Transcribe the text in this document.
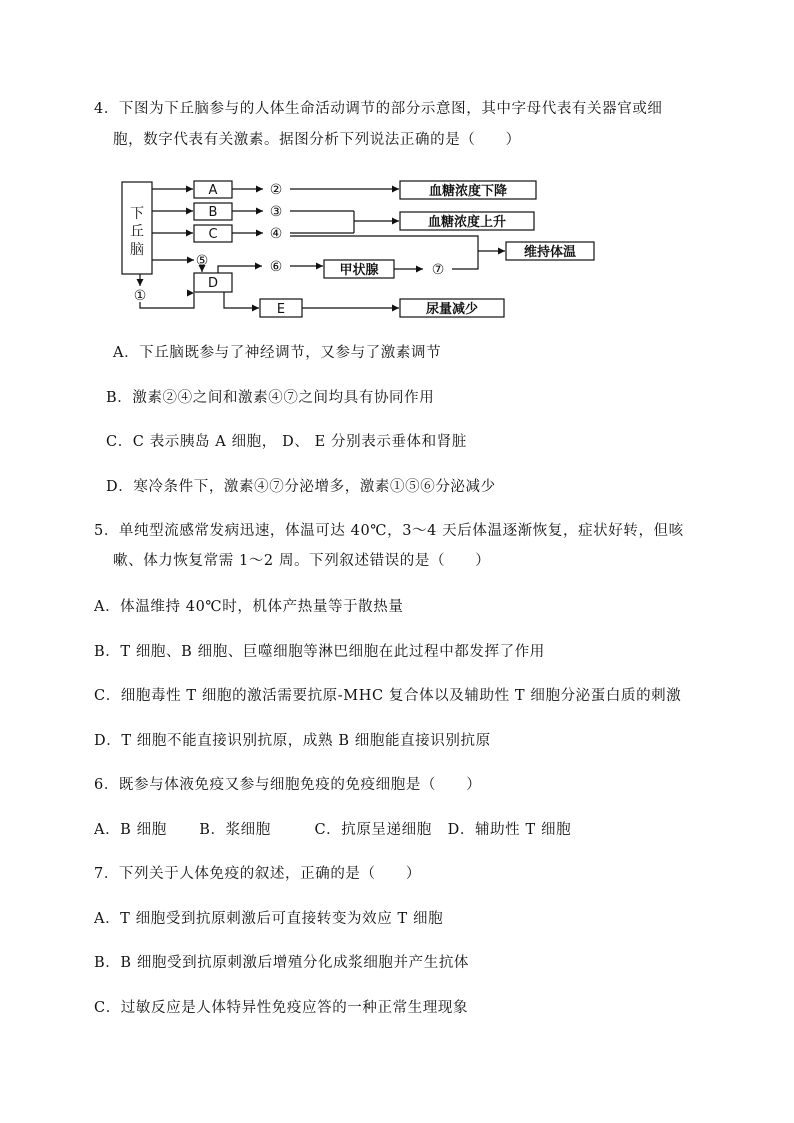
4．下图为下丘脑参与的人体生命活动调节的部分示意图，其中字母代表有关器官或细
胞，数字代表有关激素。据图分析下列说法正确的是（　　）
下
丘
脑
A
B
C
D
E
②
③
④
⑤
①
⑥	⑦
甲状腺
血糖浓度下降
血糖浓度上升
维持体温
尿量减少
A．下丘脑既参与了神经调节，又参与了激素调节
B．激素②④之间和激素④⑦之间均具有协同作用
C．C 表示胰岛 A 细胞， D、 E 分别表示垂体和肾脏
D．寒冷条件下，激素④⑦分泌增多，激素①⑤⑥分泌减少
5．单纯型流感常发病迅速，体温可达 40℃，3～4 天后体温逐渐恢复，症状好转，但咳
嗽、体力恢复常需 1～2 周。下列叙述错误的是（　　）
A．体温维持 40℃时，机体产热量等于散热量
B．T 细胞、B 细胞、巨噬细胞等淋巴细胞在此过程中都发挥了作用
C．细胞毒性 T 细胞的激活需要抗原-MHC 复合体以及辅助性 T 细胞分泌蛋白质的刺激
D．T 细胞不能直接识别抗原，成熟 B 细胞能直接识别抗原
6．既参与体液免疫又参与细胞免疫的免疫细胞是（　　）
A．B 细胞 B．浆细胞	C．抗原呈递细胞 D．辅助性 T 细胞
7．下列关于人体免疫的叙述，正确的是（　　）
A．T 细胞受到抗原刺激后可直接转变为效应 T 细胞
B．B 细胞受到抗原刺激后增殖分化成浆细胞并产生抗体
C．过敏反应是人体特异性免疫应答的一种正常生理现象
